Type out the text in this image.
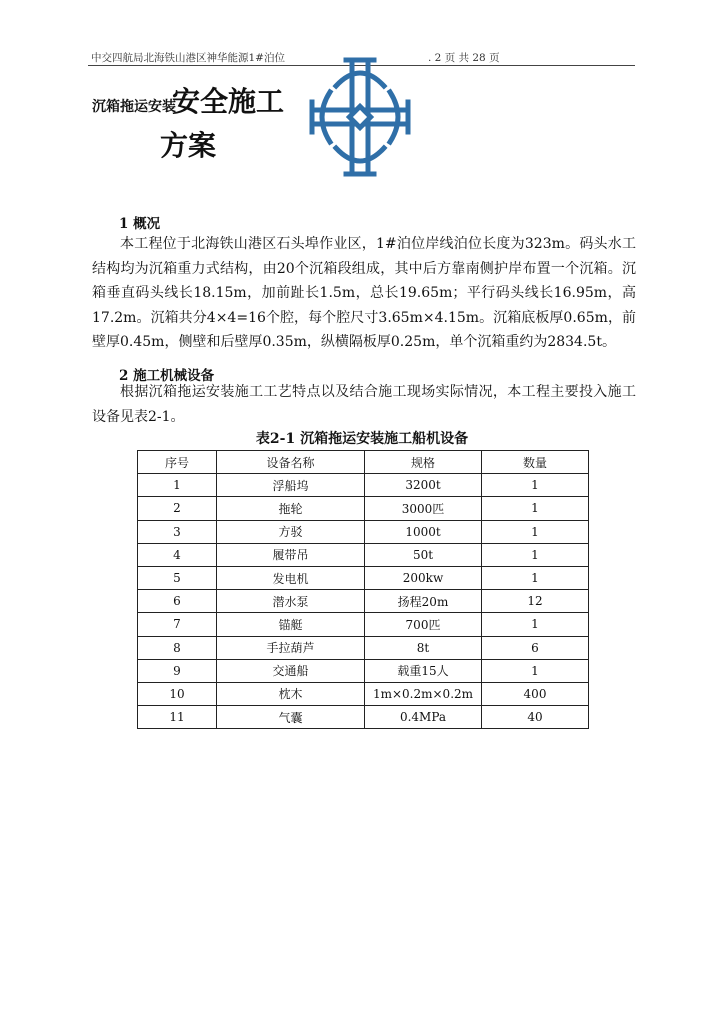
中交四航局北海铁山港区神华能源1#泊位	. 2 页 共 28 页
沉箱拖运安装
安全施工
方案
1 概况
本工程位于北海铁山港区石头埠作业区，1#泊位岸线泊位长度为323m。码头水工结构均为沉箱重力式结构，由20个沉箱段组成，其中后方靠南侧护岸布置一个沉箱。沉箱垂直码头线长18.15m，加前趾长1.5m，总长19.65m；平行码头线长16.95m，高17.2m。沉箱共分4×4=16个腔，每个腔尺寸3.65m×4.15m。沉箱底板厚0.65m，前壁厚0.45m，侧壁和后壁厚0.35m，纵横隔板厚0.25m，单个沉箱重约为2834.5t。
2 施工机械设备
根据沉箱拖运安装施工工艺特点以及结合施工现场实际情况，本工程主要投入施工设备见表2-1。
表2-1 沉箱拖运安装施工船机设备
序号	设备名称	规格	数量
1	浮船坞	3200t	1
2	拖轮	3000匹	1
3	方驳	1000t	1
4	履带吊	50t	1
5	发电机	200kw	1
6	潜水泵	扬程20m	12
7	锚艇	700匹	1
8	手拉葫芦	8t	6
9	交通船	载重15人	1
10	枕木	1m×0.2m×0.2m	400
11	气囊	0.4MPa	40
